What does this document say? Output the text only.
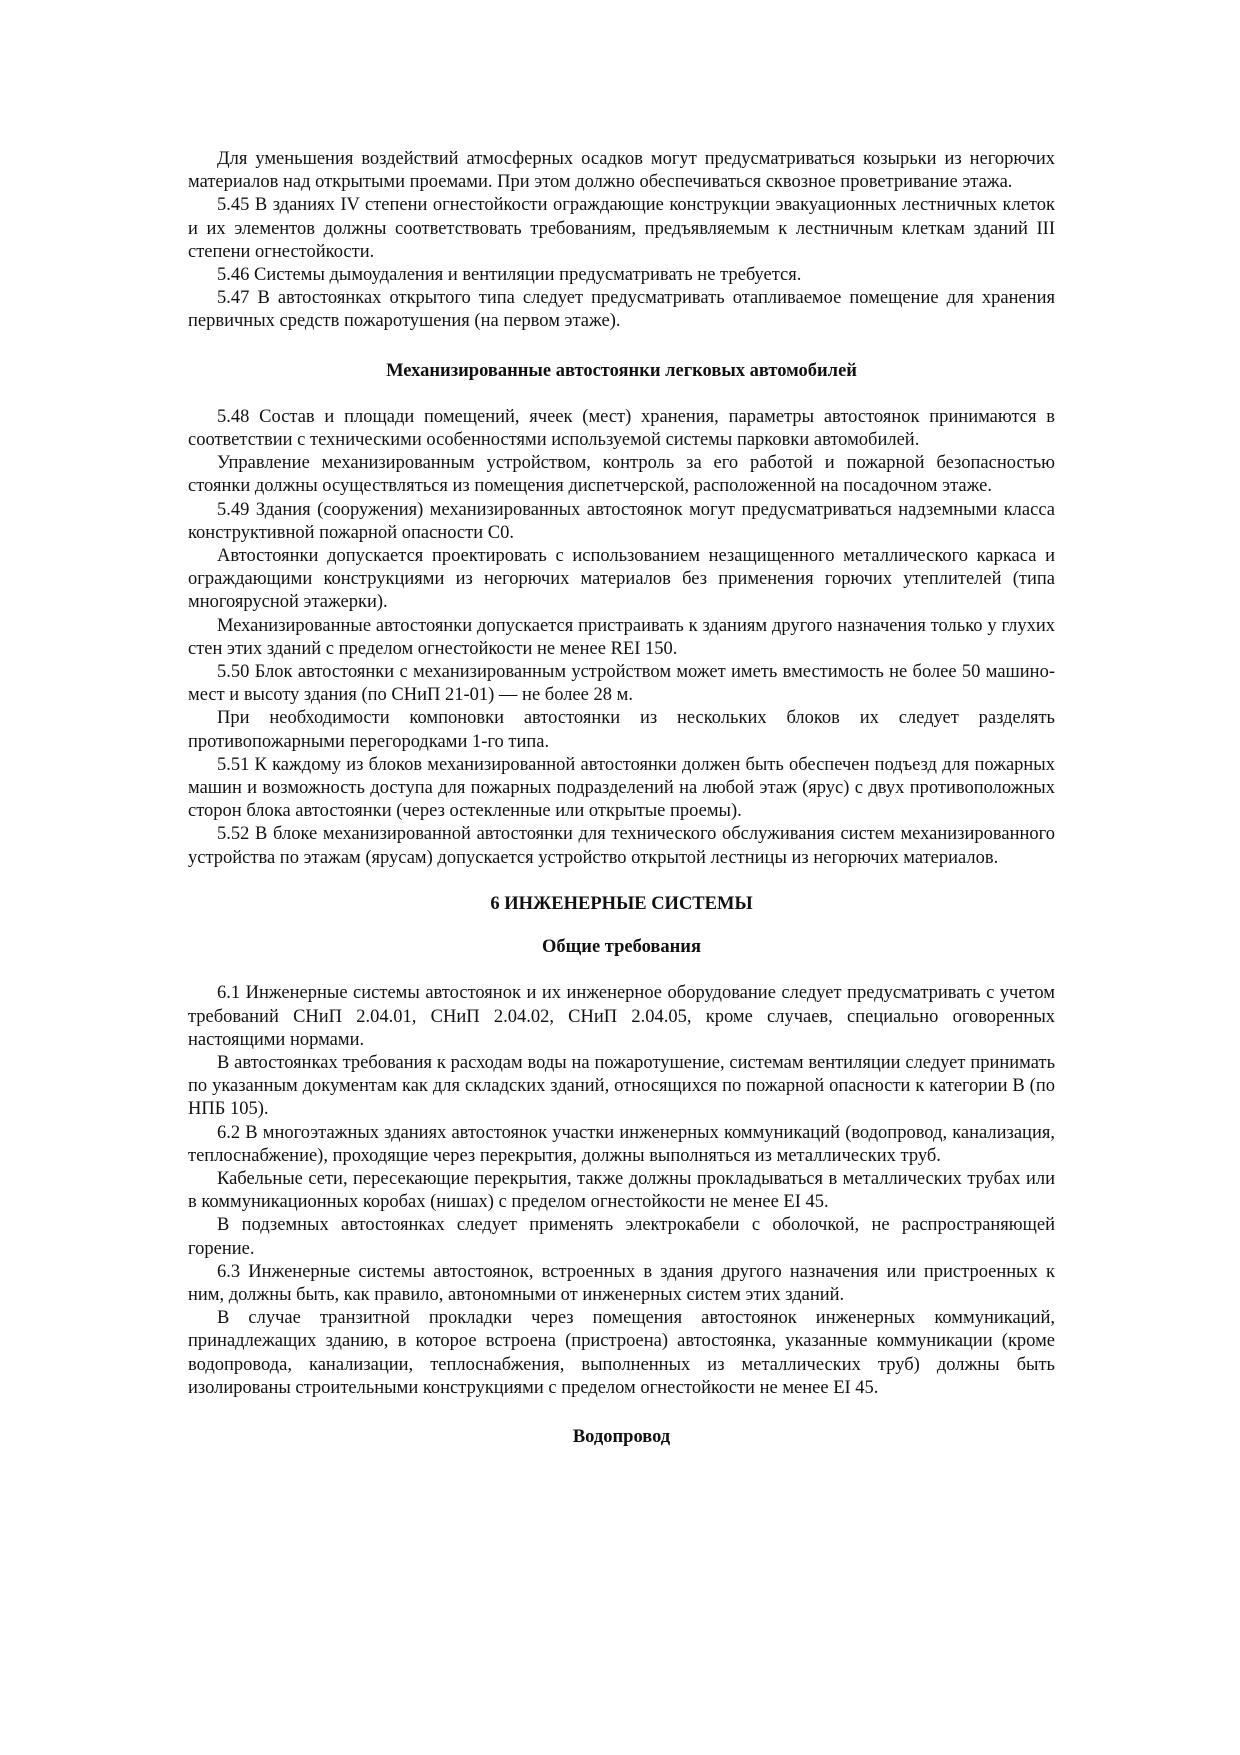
Для уменьшения воздействий атмосферных осадков могут предусматриваться козырьки из негорючих материалов над открытыми проемами. При этом должно обеспечиваться сквозное проветривание этажа.

5.45 В зданиях IV степени огнестойкости ограждающие конструкции эвакуационных лестничных клеток и их элементов должны соответствовать требованиям, предъявляемым к лестничным клеткам зданий III степени огнестойкости.

5.46 Системы дымоудаления и вентиляции предусматривать не требуется.

5.47 В автостоянках открытого типа следует предусматривать отапливаемое помещение для хранения первичных средств пожаротушения (на первом этаже).

Механизированные автостоянки легковых автомобилей

5.48 Состав и площади помещений, ячеек (мест) хранения, параметры автостоянок принимаются в соответствии с техническими особенностями используемой системы парковки автомобилей.

Управление механизированным устройством, контроль за его работой и пожарной безопасностью стоянки должны осуществляться из помещения диспетчерской, расположенной на посадочном этаже.

5.49 Здания (сооружения) механизированных автостоянок могут предусматриваться надземными класса конструктивной пожарной опасности С0.

Автостоянки допускается проектировать с использованием незащищенного металлического каркаса и ограждающими конструкциями из негорючих материалов без применения горючих утеплителей (типа многоярусной этажерки).

Механизированные автостоянки допускается пристраивать к зданиям другого назначения только у глухих стен этих зданий с пределом огнестойкости не менее REI 150.

5.50 Блок автостоянки с механизированным устройством может иметь вместимость не более 50 машино-мест и высоту здания (по СНиП 21-01) — не более 28 м.

При необходимости компоновки автостоянки из нескольких блоков их следует разделять противопожарными перегородками 1-го типа.

5.51 К каждому из блоков механизированной автостоянки должен быть обеспечен подъезд для пожарных машин и возможность доступа для пожарных подразделений на любой этаж (ярус) с двух противоположных сторон блока автостоянки (через остекленные или открытые проемы).

5.52 В блоке механизированной автостоянки для технического обслуживания систем механизированного устройства по этажам (ярусам) допускается устройство открытой лестницы из негорючих материалов.

6 ИНЖЕНЕРНЫЕ СИСТЕМЫ

Общие требования

6.1 Инженерные системы автостоянок и их инженерное оборудование следует предусматривать с учетом требований СНиП 2.04.01, СНиП 2.04.02, СНиП 2.04.05, кроме случаев, специально оговоренных настоящими нормами.

В автостоянках требования к расходам воды на пожаротушение, системам вентиляции следует принимать по указанным документам как для складских зданий, относящихся по пожарной опасности к категории В (по НПБ 105).

6.2 В многоэтажных зданиях автостоянок участки инженерных коммуникаций (водопровод, канализация, теплоснабжение), проходящие через перекрытия, должны выполняться из металлических труб.

Кабельные сети, пересекающие перекрытия, также должны прокладываться в металлических трубах или в коммуникационных коробах (нишах) с пределом огнестойкости не менее EI 45.

В подземных автостоянках следует применять электрокабели с оболочкой, не распространяющей горение.

6.3 Инженерные системы автостоянок, встроенных в здания другого назначения или пристроенных к ним, должны быть, как правило, автономными от инженерных систем этих зданий.

В случае транзитной прокладки через помещения автостоянок инженерных коммуникаций, принадлежащих зданию, в которое встроена (пристроена) автостоянка, указанные коммуникации (кроме водопровода, канализации, теплоснабжения, выполненных из металлических труб) должны быть изолированы строительными конструкциями с пределом огнестойкости не менее EI 45.

Водопровод
